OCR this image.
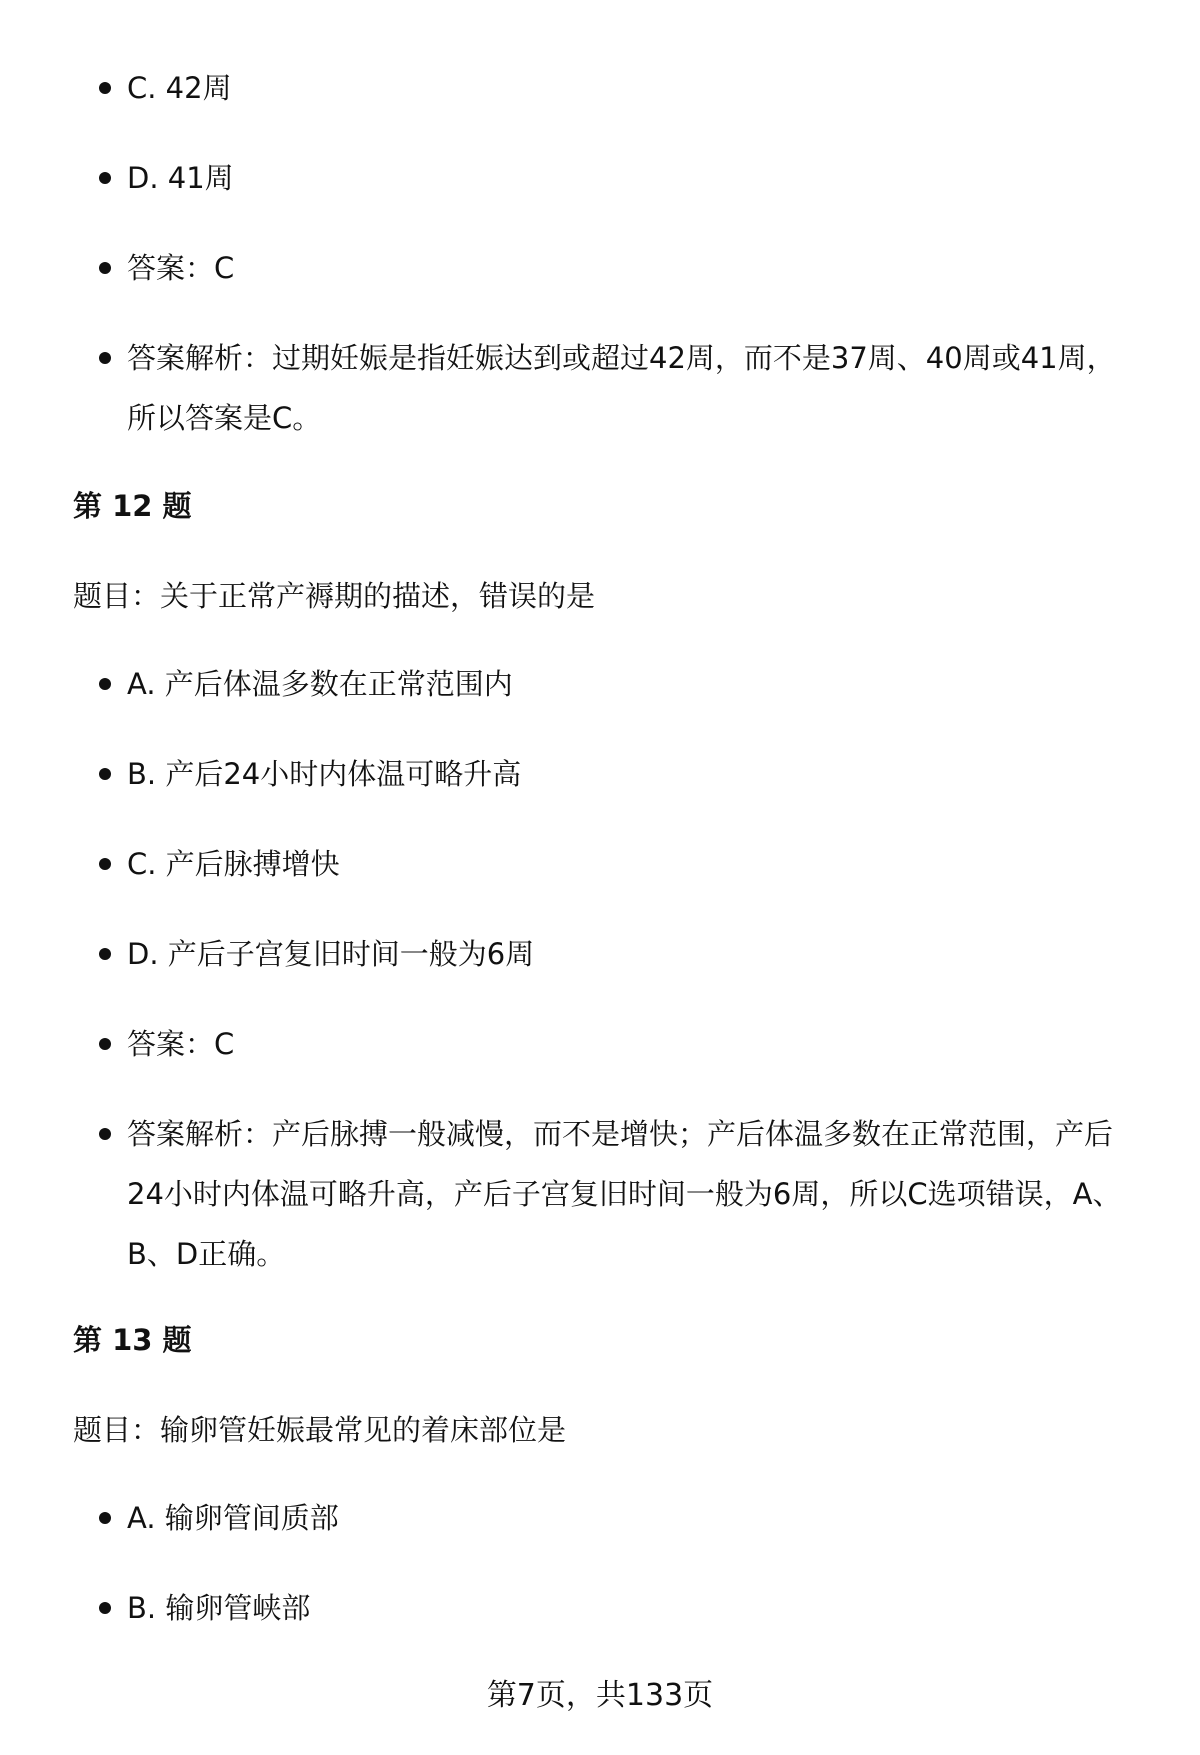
C. 42周
D. 41周
答案：C
答案解析：过期妊娠是指妊娠达到或超过42周，而不是37周、40周或41周，所以答案是C。
第 12 题
题目：关于正常产褥期的描述，错误的是
A. 产后体温多数在正常范围内
B. 产后24小时内体温可略升高
C. 产后脉搏增快
D. 产后子宫复旧时间一般为6周
答案：C
答案解析：产后脉搏一般减慢，而不是增快；产后体温多数在正常范围，产后24小时内体温可略升高，产后子宫复旧时间一般为6周，所以C选项错误，A、B、D正确。
第 13 题
题目：输卵管妊娠最常见的着床部位是
A. 输卵管间质部
B. 输卵管峡部
第7页，共133页
